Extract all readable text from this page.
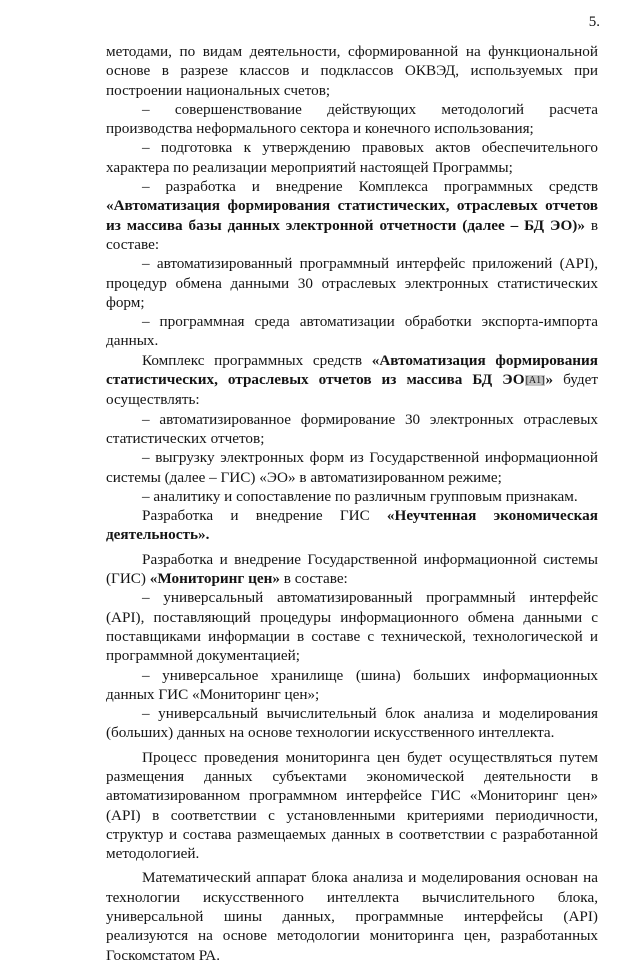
5.

методами, по видам деятельности, сформированной на функциональной основе в разрезе классов и подклассов ОКВЭД, используемых при построении национальных счетов;

– совершенствование действующих методологий расчета производства неформального сектора и конечного использования;

– подготовка к утверждению правовых актов обеспечительного характера по реализации мероприятий настоящей Программы;

– разработка и внедрение Комплекса программных средств «Автоматизация формирования статистических, отраслевых отчетов из массива базы данных электронной отчетности (далее – БД ЭО)» в составе:

– автоматизированный программный интерфейс приложений (API), процедур обмена данными 30 отраслевых электронных статистических форм;

– программная среда автоматизации обработки экспорта-импорта данных.

Комплекс программных средств «Автоматизация формирования статистических, отраслевых отчетов из массива БД ЭО[A1]» будет осуществлять:

– автоматизированное формирование 30 электронных отраслевых статистических отчетов;

– выгрузку электронных форм из Государственной информационной системы (далее – ГИС) «ЭО» в автоматизированном режиме;

– аналитику и сопоставление по различным групповым признакам.

Разработка и внедрение ГИС «Неучтенная экономическая деятельность».

Разработка и внедрение Государственной информационной системы (ГИС) «Мониторинг цен» в составе:

– универсальный автоматизированный программный интерфейс (API), поставляющий процедуры информационного обмена данными с поставщиками информации в составе с технической, технологической и программной документацией;

– универсальное хранилище (шина) больших информационных данных ГИС «Мониторинг цен»;

– универсальный вычислительный блок анализа и моделирования (больших) данных на основе технологии искусственного интеллекта.

Процесс проведения мониторинга цен будет осуществляться путем размещения данных субъектами экономической деятельности в автоматизированном программном интерфейсе ГИС «Мониторинг цен» (API) в соответствии с установленными критериями периодичности, структур и состава размещаемых данных в соответствии с разработанной методологией.

Математический аппарат блока анализа и моделирования основан на технологии искусственного интеллекта вычислительного блока, универсальной шины данных, программные интерфейсы (API) реализуются на основе методологии мониторинга цен, разработанных Госкомстатом РА.
